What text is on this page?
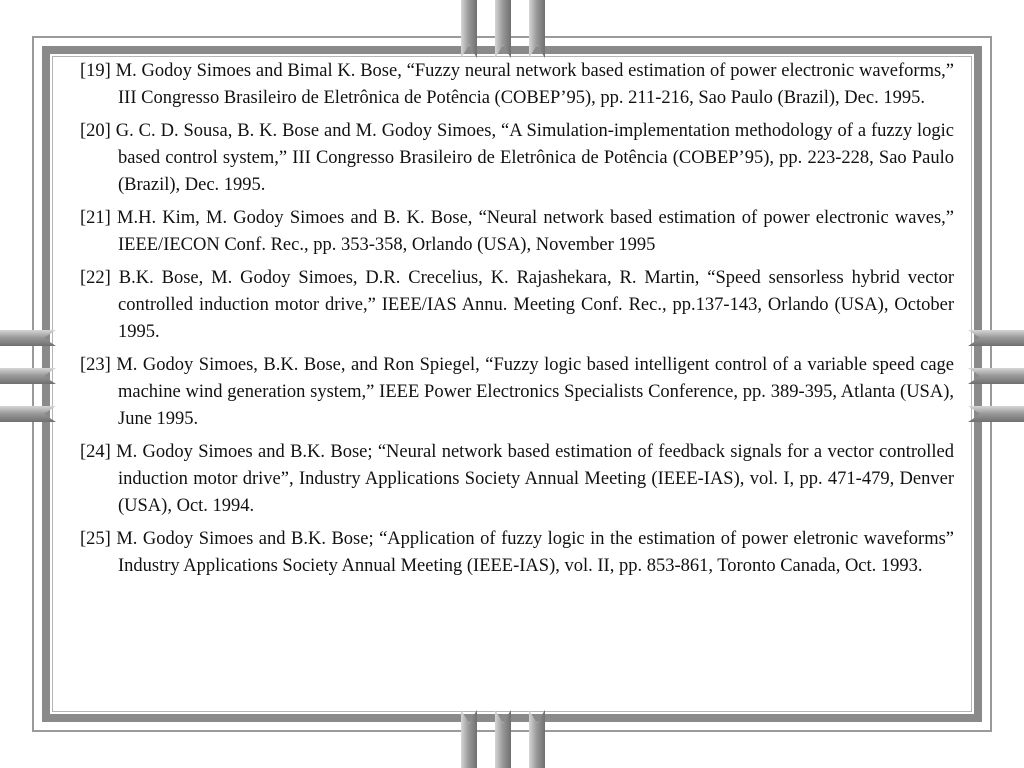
[19] M. Godoy Simoes and Bimal K. Bose, “Fuzzy neural network based estimation of power electronic waveforms,” III Congresso Brasileiro de Eletrônica de Potência (COBEP’95), pp. 211-216, Sao Paulo (Brazil), Dec. 1995.

[20] G. C. D. Sousa, B. K. Bose and M. Godoy Simoes, “A Simulation-implementation methodology of a fuzzy logic based control system,” III Congresso Brasileiro de Eletrônica de Potência (COBEP’95), pp. 223-228, Sao Paulo (Brazil), Dec. 1995.

[21] M.H. Kim, M. Godoy Simoes and B. K. Bose, “Neural network based estimation of power electronic waves,” IEEE/IECON Conf. Rec., pp. 353-358, Orlando (USA), November 1995

[22] B.K. Bose, M. Godoy Simoes, D.R. Crecelius, K. Rajashekara, R. Martin, “Speed sensorless hybrid vector controlled induction motor drive,” IEEE/IAS Annu. Meeting Conf. Rec., pp.137-143, Orlando (USA), October 1995.

[23] M. Godoy Simoes, B.K. Bose, and Ron Spiegel, “Fuzzy logic based intelligent control of a variable speed cage machine wind generation system,” IEEE Power Electronics Specialists Conference, pp. 389-395, Atlanta (USA), June 1995.

[24] M. Godoy Simoes and B.K. Bose; “Neural network based estimation of feedback signals for a vector controlled induction motor drive”, Industry Applications Society Annual Meeting (IEEE-IAS), vol. I, pp. 471-479, Denver (USA), Oct. 1994.

[25] M. Godoy Simoes and B.K. Bose; “Application of fuzzy logic in the estimation of power eletronic waveforms” Industry Applications Society Annual Meeting (IEEE-IAS), vol. II, pp. 853-861, Toronto Canada, Oct. 1993.
